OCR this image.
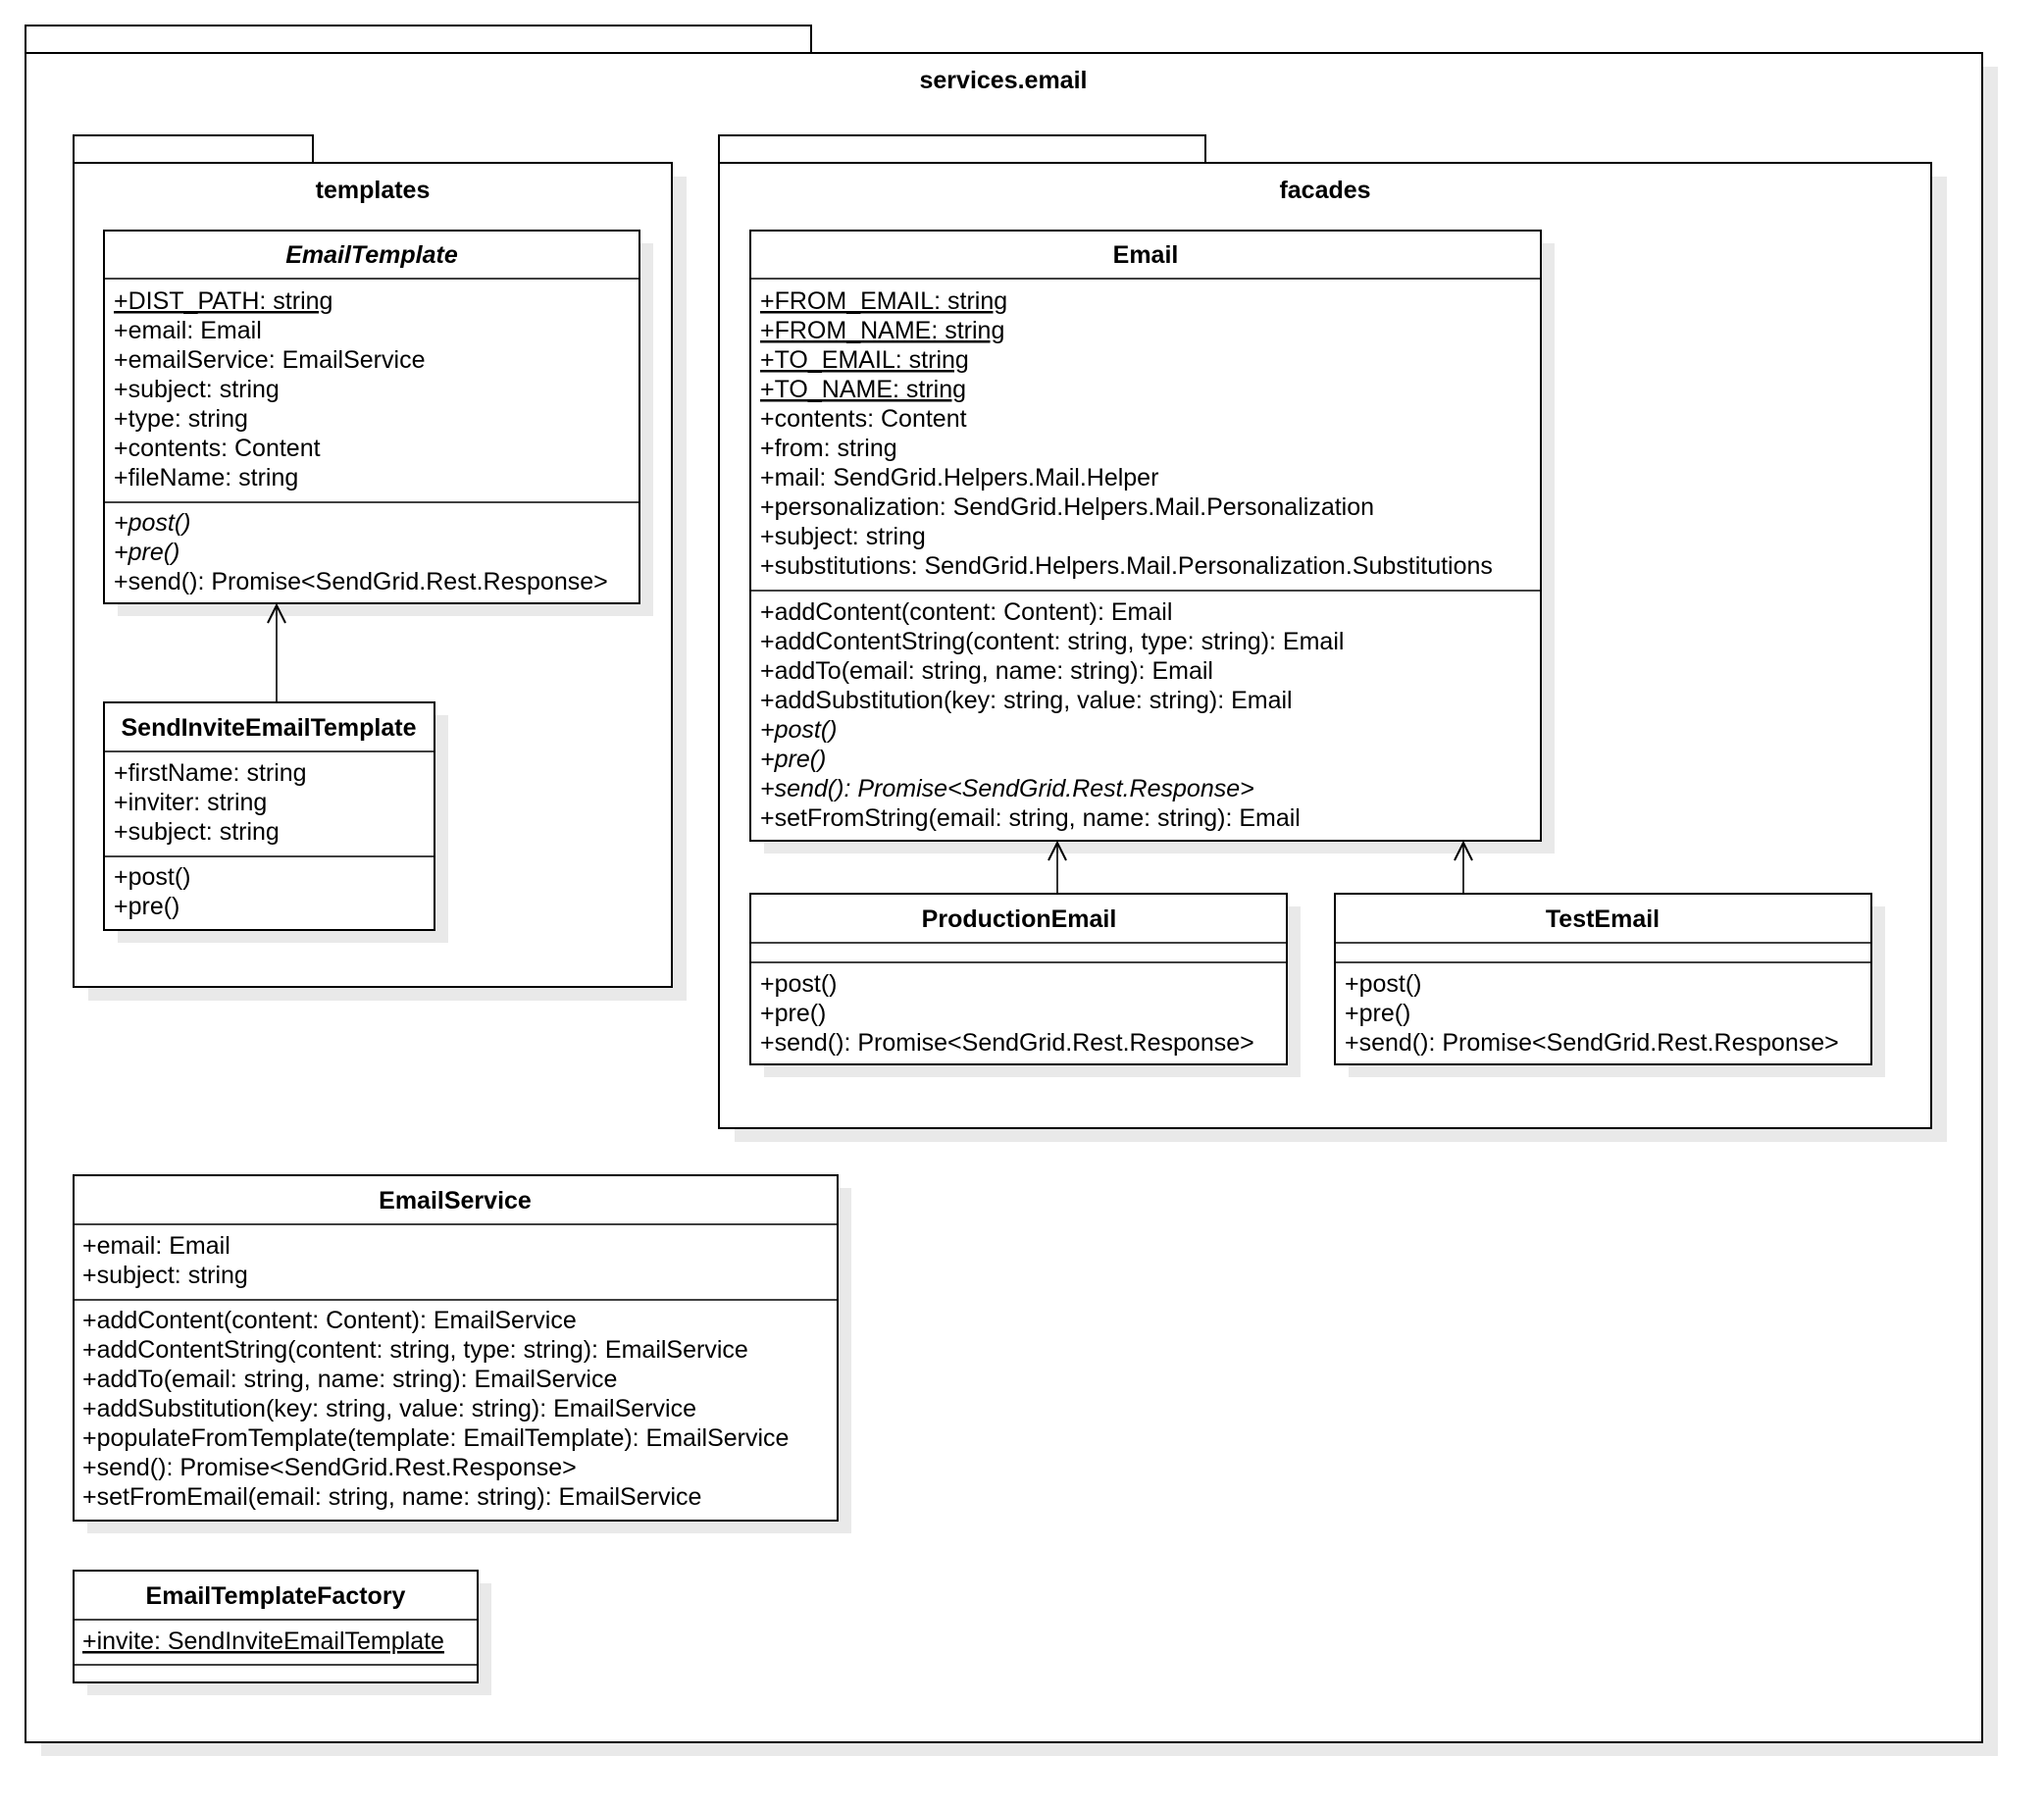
services.email
templates	facades
EmailTemplate
+DIST_PATH: string
+email: Email
+emailService: EmailService
+subject: string
+type: string
+contents: Content
+fileName: string
+post()
+pre()
+send(): Promise<SendGrid.Rest.Response>
SendInviteEmailTemplate
+firstName: string
+inviter: string
+subject: string
+post()
+pre()
Email
+FROM_EMAIL: string
+FROM_NAME: string
+TO_EMAIL: string
+TO_NAME: string
+contents: Content
+from: string
+mail: SendGrid.Helpers.Mail.Helper
+personalization: SendGrid.Helpers.Mail.Personalization
+subject: string
+substitutions: SendGrid.Helpers.Mail.Personalization.Substitutions
+addContent(content: Content): Email
+addContentString(content: string, type: string): Email
+addTo(email: string, name: string): Email
+addSubstitution(key: string, value: string): Email
+post()
+pre()
+send(): Promise<SendGrid.Rest.Response>
+setFromString(email: string, name: string): Email
ProductionEmail
+post()
+pre()
+send(): Promise<SendGrid.Rest.Response>
TestEmail
+post()
+pre()
+send(): Promise<SendGrid.Rest.Response>
EmailService
+email: Email
+subject: string
+addContent(content: Content): EmailService
+addContentString(content: string, type: string): EmailService
+addTo(email: string, name: string): EmailService
+addSubstitution(key: string, value: string): EmailService
+populateFromTemplate(template: EmailTemplate): EmailService
+send(): Promise<SendGrid.Rest.Response>
+setFromEmail(email: string, name: string): EmailService
EmailTemplateFactory
+invite: SendInviteEmailTemplate
